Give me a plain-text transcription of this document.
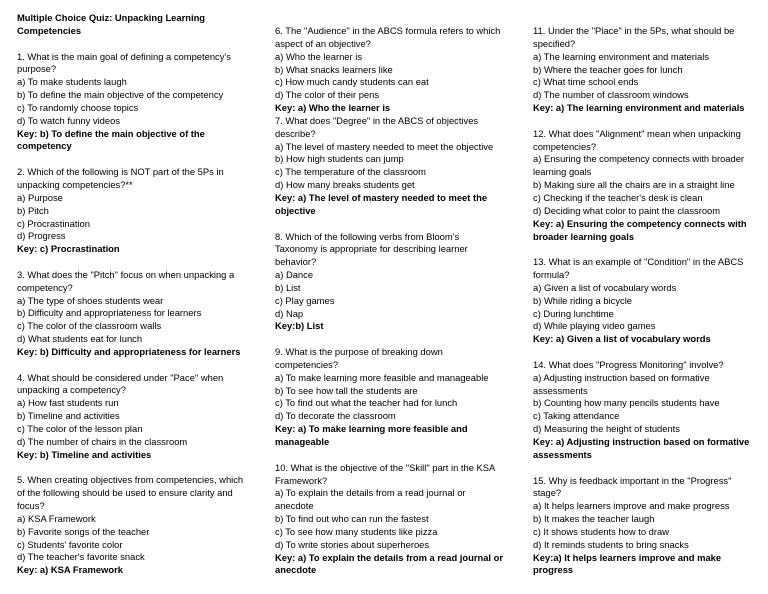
Multiple Choice Quiz: Unpacking Learning Competencies
1. What is the main goal of defining a competency's purpose?
a) To make students laugh
b) To define the main objective of the competency
c) To randomly choose topics
d) To watch funny videos
Key: b) To define the main objective of the competency
2. Which of the following is NOT part of the 5Ps in unpacking competencies?**
a) Purpose
b) Pitch
c) Procrastination
d) Progress
Key: c) Procrastination
3. What does the "Pitch" focus on when unpacking a competency?
a) The type of shoes students wear
b) Difficulty and appropriateness for learners
c) The color of the classroom walls
d) What students eat for lunch
Key: b) Difficulty and appropriateness for learners
4. What should be considered under "Pace" when unpacking a competency?
a) How fast students run
b) Timeline and activities
c) The color of the lesson plan
d) The number of chairs in the classroom
Key: b) Timeline and activities
5. When creating objectives from competencies, which of the following should be used to ensure clarity and focus?
a) KSA Framework
b) Favorite songs of the teacher
c) Students' favorite color
d) The teacher's favorite snack
Key: a) KSA Framework
6. The "Audience" in the ABCS formula refers to which aspect of an objective?
a) Who the learner is
b) What snacks learners like
c) How much candy students can eat
d) The color of their pens
Key: a) Who the learner is
7. What does "Degree" in the ABCS of objectives describe?
a) The level of mastery needed to meet the objective
b) How high students can jump
c) The temperature of the classroom
d) How many breaks students get
Key: a) The level of mastery needed to meet the objective
8. Which of the following verbs from Bloom's Taxonomy is appropriate for describing learner behavior?
a) Dance
b) List
c) Play games
d) Nap
Key:b) List
9. What is the purpose of breaking down competencies?
a) To make learning more feasible and manageable
b) To see how tall the students are
c) To find out what the teacher had for lunch
d) To decorate the classroom
Key: a) To make learning more feasible and manageable
10. What is the objective of the "Skill" part in the KSA Framework?
a) To explain the details from a read journal or anecdote
b) To find out who can run the fastest
c) To see how many students like pizza
d) To write stories about superheroes
Key: a) To explain the details from a read journal or anecdote
11. Under the "Place" in the 5Ps, what should be specified?
a) The learning environment and materials
b) Where the teacher goes for lunch
c) What time school ends
d) The number of classroom windows
Key: a) The learning environment and materials
12. What does "Alignment" mean when unpacking competencies?
a) Ensuring the competency connects with broader learning goals
b) Making sure all the chairs are in a straight line
c) Checking if the teacher's desk is clean
d) Deciding what color to paint the classroom
Key: a) Ensuring the competency connects with broader learning goals
13. What is an example of "Condition" in the ABCS formula?
a) Given a list of vocabulary words
b) While riding a bicycle
c) During lunchtime
d) While playing video games
Key: a) Given a list of vocabulary words
14. What does "Progress Monitoring" involve?
a) Adjusting instruction based on formative assessments
b) Counting how many pencils students have
c) Taking attendance
d) Measuring the height of students
Key: a) Adjusting instruction based on formative assessments
15. Why is feedback important in the "Progress" stage?
a) It helps learners improve and make progress
b) It makes the teacher laugh
c) It shows students how to draw
d) It reminds students to bring snacks
Key:a) It helps learners improve and make progress
